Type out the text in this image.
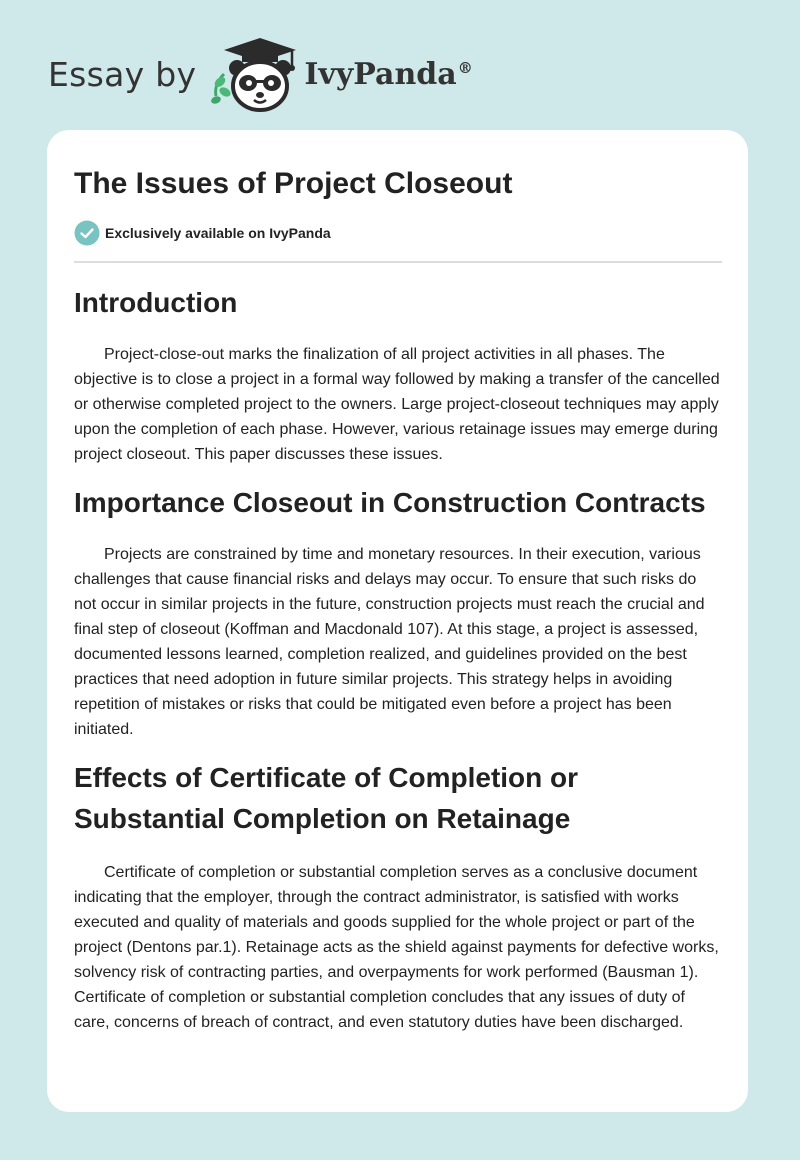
Essay by	IvyPanda®
The Issues of Project Closeout
Exclusively available on IvyPanda
Introduction

Project-close-out marks the finalization of all project activities in all phases. The objective is to close a project in a formal way followed by making a transfer of the cancelled or otherwise completed project to the owners. Large project-closeout techniques may apply upon the completion of each phase. However, various retainage issues may emerge during project closeout. This paper discusses these issues.

Importance Closeout in Construction Contracts

Projects are constrained by time and monetary resources. In their execution, various challenges that cause financial risks and delays may occur. To ensure that such risks do not occur in similar projects in the future, construction projects must reach the crucial and final step of closeout (Koffman and Macdonald 107). At this stage, a project is assessed, documented lessons learned, completion realized, and guidelines provided on the best practices that need adoption in future similar projects. This strategy helps in avoiding repetition of mistakes or risks that could be mitigated even before a project has been initiated.

Effects of Certificate of Completion or Substantial Completion on Retainage

Certificate of completion or substantial completion serves as a conclusive document indicating that the employer, through the contract administrator, is satisfied with works executed and quality of materials and goods supplied for the whole project or part of the project (Dentons par.1). Retainage acts as the shield against payments for defective works, solvency risk of contracting parties, and overpayments for work performed (Bausman 1). Certificate of completion or substantial completion concludes that any issues of duty of care, concerns of breach of contract, and even statutory duties have been discharged.
